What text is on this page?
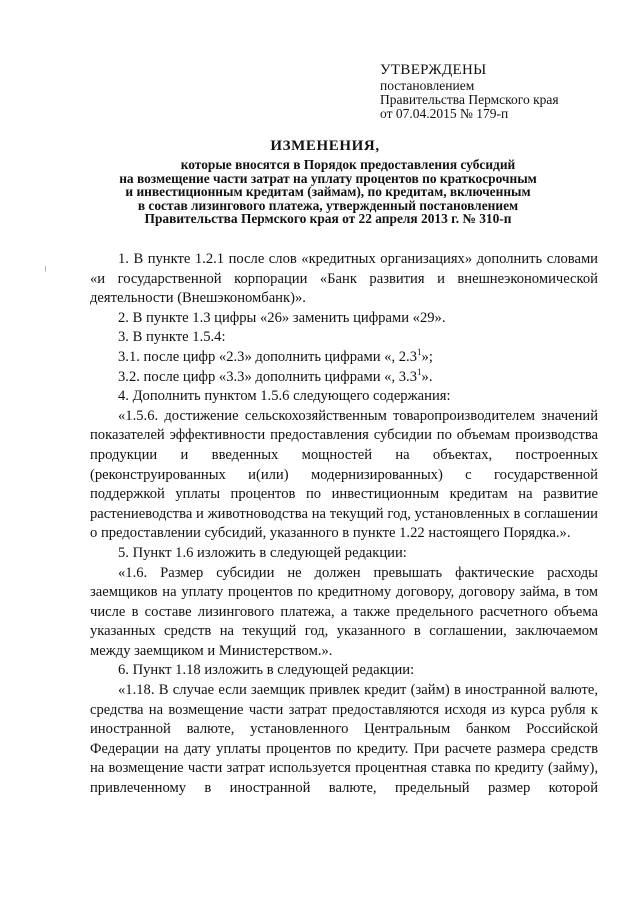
УТВЕРЖДЕНЫ
постановлением
Правительства Пермского края
от 07.04.2015 № 179-п
ИЗМЕНЕНИЯ,
которые вносятся в Порядок предоставления субсидий
на возмещение части затрат на уплату процентов по краткосрочным
и инвестиционным кредитам (займам), по кредитам, включенным
в состав лизингового платежа, утвержденный постановлением
Правительства Пермского края от 22 апреля 2013 г. № 310-п

1. В пункте 1.2.1 после слов «кредитных организациях» дополнить словами «и государственной корпорации «Банк развития и внешнеэкономической деятельности (Внешэкономбанк)».

2. В пункте 1.3 цифры «26» заменить цифрами «29».

3. В пункте 1.5.4:

3.1. после цифр «2.3» дополнить цифрами «, $2.3^1$»;

3.2. после цифр «3.3» дополнить цифрами «, $3.3^1$».

4. Дополнить пунктом 1.5.6 следующего содержания:

«1.5.6. достижение сельскохозяйственным товаропроизводителем значений показателей эффективности предоставления субсидии по объемам производства продукции и введенных мощностей на объектах, построенных (реконструированных и(или) модернизированных) с государственной поддержкой уплаты процентов по инвестиционным кредитам на развитие растениеводства и животноводства на текущий год, установленных в соглашении о предоставлении субсидий, указанного в пункте 1.22 настоящего Порядка.».

5. Пункт 1.6 изложить в следующей редакции:

«1.6. Размер субсидии не должен превышать фактические расходы заемщиков на уплату процентов по кредитному договору, договору займа, в том числе в составе лизингового платежа, а также предельного расчетного объема указанных средств на текущий год, указанного в соглашении, заключаемом между заемщиком и Министерством.».

6. Пункт 1.18 изложить в следующей редакции:

«1.18. В случае если заемщик привлек кредит (займ) в иностранной валюте, средства на возмещение части затрат предоставляются исходя из курса рубля к иностранной валюте, установленного Центральным банком Российской Федерации на дату уплаты процентов по кредиту. При расчете размера средств на возмещение части затрат используется процентная ставка по кредиту (займу), привлеченному в иностранной валюте, предельный размер которой
